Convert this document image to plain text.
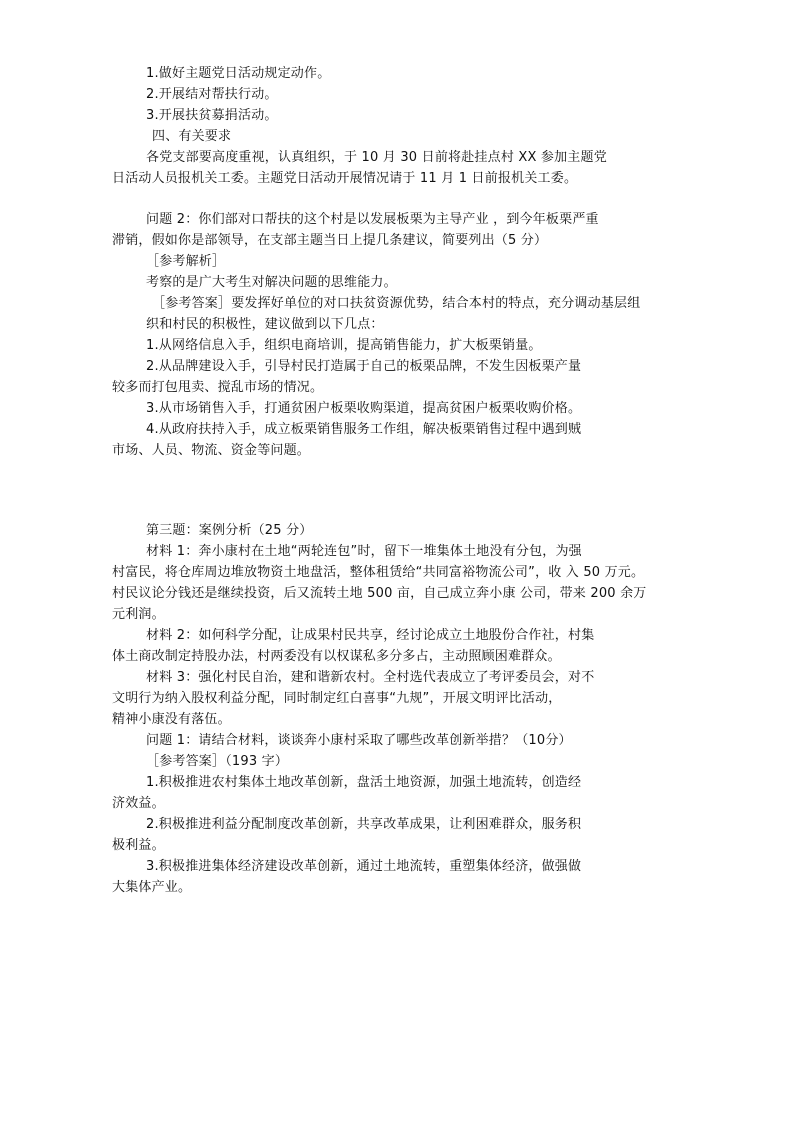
1.做好主题党日活动规定动作。

2.开展结对帮扶行动。

3.开展扶贫募捐活动。

四、有关要求

各党支部要高度重视，认真组织，于 10 月 30 日前将赴挂点村 XX 参加主题党

日活动人员报机关工委。主题党日活动开展情况请于 11 月 1 日前报机关工委。

问题 2：你们部对口帮扶的这个村是以发展板栗为主导产业 ，到今年板栗严重

滞销，假如你是部领导，在支部主题当日上提几条建议，简要列出（5 分）

［参考解析］

考察的是广大考生对解决问题的思维能力。

［参考答案］要发挥好单位的对口扶贫资源优势，结合本村的特点，充分调动基层组

织和村民的积极性，建议做到以下几点：

1.从网络信息入手，组织电商培训，提高销售能力，扩大板栗销量。

2.从品牌建设入手，引导村民打造属于自己的板栗品牌，不发生因板栗产量

较多而打包甩卖、搅乱市场的情况。

3.从市场销售入手，打通贫困户板栗收购渠道，提高贫困户板栗收购价格。

4.从政府扶持入手，成立板栗销售服务工作组，解决板栗销售过程中遇到贼

市场、人员、物流、资金等问题。

第三题：案例分析（25 分）

材料 1：奔小康村在土地“两轮连包”时，留下一堆集体土地没有分包，为强

村富民，将仓库周边堆放物资土地盘活，整体租赁给“共同富裕物流公司”，收 入 50 万元。

村民议论分钱还是继续投资，后又流转土地 500 亩，自己成立奔小康 公司，带来 200 余万

元利润。

材料 2：如何科学分配，让成果村民共享，经讨论成立土地股份合作社，村集

体土商改制定持股办法，村两委没有以权谋私多分多占，主动照顾困难群众。

材料 3：强化村民自治，建和谐新农村。全村选代表成立了考评委员会，对不

文明行为纳入股权利益分配，同时制定红白喜事“九规”，开展文明评比活动，

精神小康没有落伍。

问题 1：请结合材料，谈谈奔小康村采取了哪些改革创新举措？（10分）

［参考答案］（193 字）

1.积极推进农村集体土地改革创新，盘活土地资源，加强土地流转，创造经

济效益。

2.积极推进利益分配制度改革创新，共享改革成果，让利困难群众，服务积

极利益。

3.积极推进集体经济建设改革创新，通过土地流转，重塑集体经济，做强做

大集体产业。
